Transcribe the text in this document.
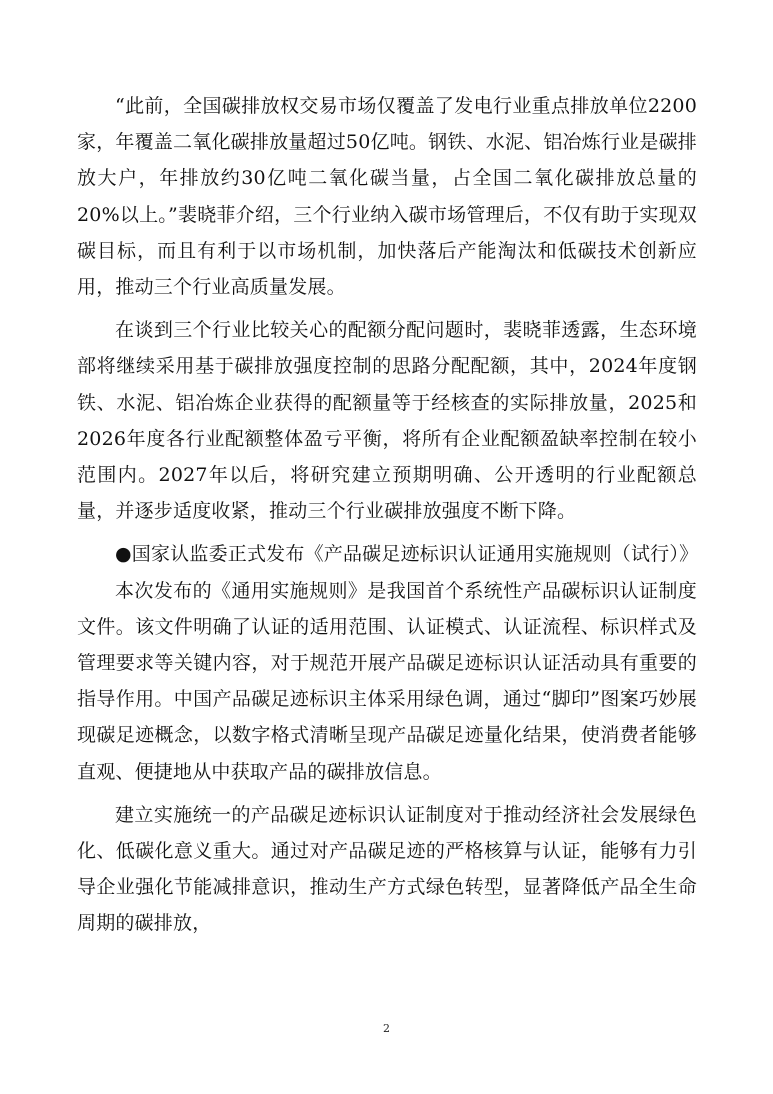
“此前，全国碳排放权交易市场仅覆盖了发电行业重点排放单位2200家，年覆盖二氧化碳排放量超过50亿吨。钢铁、水泥、铝冶炼行业是碳排放大户，年排放约30亿吨二氧化碳当量，占全国二氧化碳排放总量的20%以上。”裴晓菲介绍，三个行业纳入碳市场管理后，不仅有助于实现双碳目标，而且有利于以市场机制，加快落后产能淘汰和低碳技术创新应用，推动三个行业高质量发展。

在谈到三个行业比较关心的配额分配问题时，裴晓菲透露，生态环境部将继续采用基于碳排放强度控制的思路分配配额，其中，2024年度钢铁、水泥、铝冶炼企业获得的配额量等于经核查的实际排放量，2025和2026年度各行业配额整体盈亏平衡，将所有企业配额盈缺率控制在较小范围内。2027年以后，将研究建立预期明确、公开透明的行业配额总量，并逐步适度收紧，推动三个行业碳排放强度不断下降。

●国家认监委正式发布《产品碳足迹标识认证通用实施规则（试行）》

本次发布的《通用实施规则》是我国首个系统性产品碳标识认证制度文件。该文件明确了认证的适用范围、认证模式、认证流程、标识样式及管理要求等关键内容，对于规范开展产品碳足迹标识认证活动具有重要的指导作用。中国产品碳足迹标识主体采用绿色调，通过“脚印”图案巧妙展现碳足迹概念，以数字格式清晰呈现产品碳足迹量化结果，使消费者能够直观、便捷地从中获取产品的碳排放信息。

建立实施统一的产品碳足迹标识认证制度对于推动经济社会发展绿色化、低碳化意义重大。通过对产品碳足迹的严格核算与认证，能够有力引导企业强化节能减排意识，推动生产方式绿色转型，显著降低产品全生命周期的碳排放，

2
